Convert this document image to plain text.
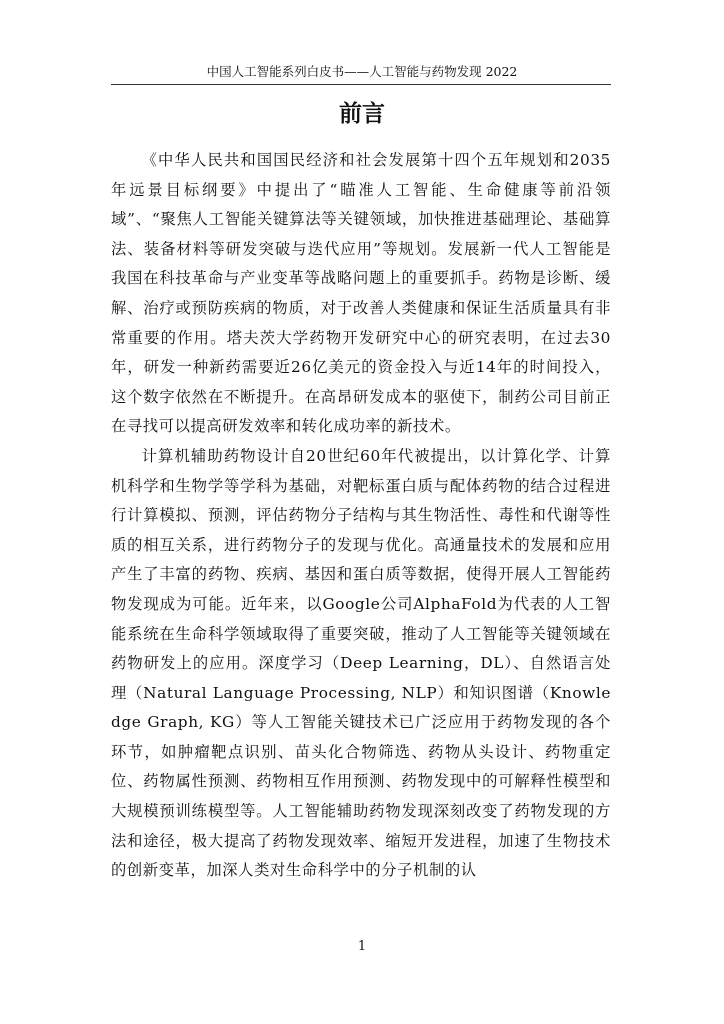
中国人工智能系列白皮书——人工智能与药物发现 2022
前言

《中华人民共和国国民经济和社会发展第十四个五年规划和2035年远景目标纲要》中提出了“瞄准人工智能、生命健康等前沿领域”、“聚焦人工智能关键算法等关键领域，加快推进基础理论、基础算法、装备材料等研发突破与迭代应用”等规划。发展新一代人工智能是我国在科技革命与产业变革等战略问题上的重要抓手。药物是诊断、缓解、治疗或预防疾病的物质，对于改善人类健康和保证生活质量具有非常重要的作用。塔夫茨大学药物开发研究中心的研究表明，在过去30年，研发一种新药需要近26亿美元的资金投入与近14年的时间投入，这个数字依然在不断提升。在高昂研发成本的驱使下，制药公司目前正在寻找可以提高研发效率和转化成功率的新技术。

计算机辅助药物设计自20世纪60年代被提出，以计算化学、计算机科学和生物学等学科为基础，对靶标蛋白质与配体药物的结合过程进行计算模拟、预测，评估药物分子结构与其生物活性、毒性和代谢等性质的相互关系，进行药物分子的发现与优化。高通量技术的发展和应用产生了丰富的药物、疾病、基因和蛋白质等数据，使得开展人工智能药物发现成为可能。近年来，以Google公司AlphaFold为代表的人工智能系统在生命科学领域取得了重要突破，推动了人工智能等关键领域在药物研发上的应用。深度学习（Deep Learning，DL）、自然语言处理（Natural Language Processing, NLP）和知识图谱（Knowledge Graph, KG）等人工智能关键技术已广泛应用于药物发现的各个环节，如肿瘤靶点识别、苗头化合物筛选、药物从头设计、药物重定位、药物属性预测、药物相互作用预测、药物发现中的可解释性模型和大规模预训练模型等。人工智能辅助药物发现深刻改变了药物发现的方法和途径，极大提高了药物发现效率、缩短开发进程，加速了生物技术的创新变革，加深人类对生命科学中的分子机制的认

1
